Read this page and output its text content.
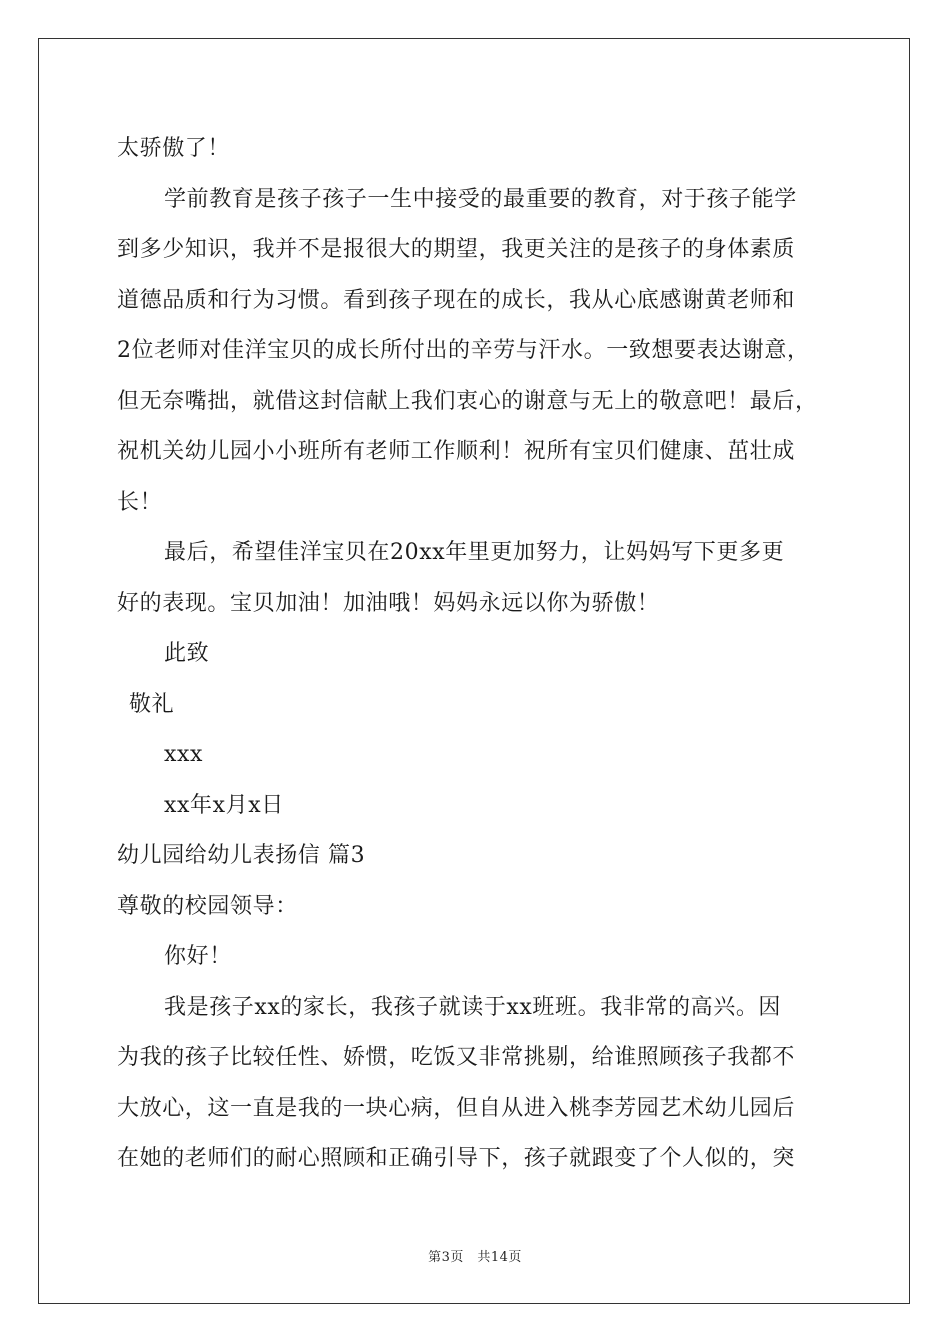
太骄傲了！
学前教育是孩子孩子一生中接受的最重要的教育，对于孩子能学
到多少知识，我并不是报很大的期望，我更关注的是孩子的身体素质
道德品质和行为习惯。看到孩子现在的成长，我从心底感谢黄老师和
2位老师对佳洋宝贝的成长所付出的辛劳与汗水。一致想要表达谢意，
但无奈嘴拙，就借这封信献上我们衷心的谢意与无上的敬意吧！最后，
祝机关幼儿园小小班所有老师工作顺利！祝所有宝贝们健康、茁壮成
长！
最后，希望佳洋宝贝在20xx年里更加努力，让妈妈写下更多更
好的表现。宝贝加油！加油哦！妈妈永远以你为骄傲！
此致
敬礼
xxx
xx年x月x日
幼儿园给幼儿表扬信 篇3
尊敬的校园领导：
你好！
我是孩子xx的家长，我孩子就读于xx班班。我非常的高兴。因
为我的孩子比较任性、娇惯，吃饭又非常挑剔，给谁照顾孩子我都不
大放心，这一直是我的一块心病，但自从进入桃李芳园艺术幼儿园后
在她的老师们的耐心照顾和正确引导下，孩子就跟变了个人似的，突
第3页　共14页
